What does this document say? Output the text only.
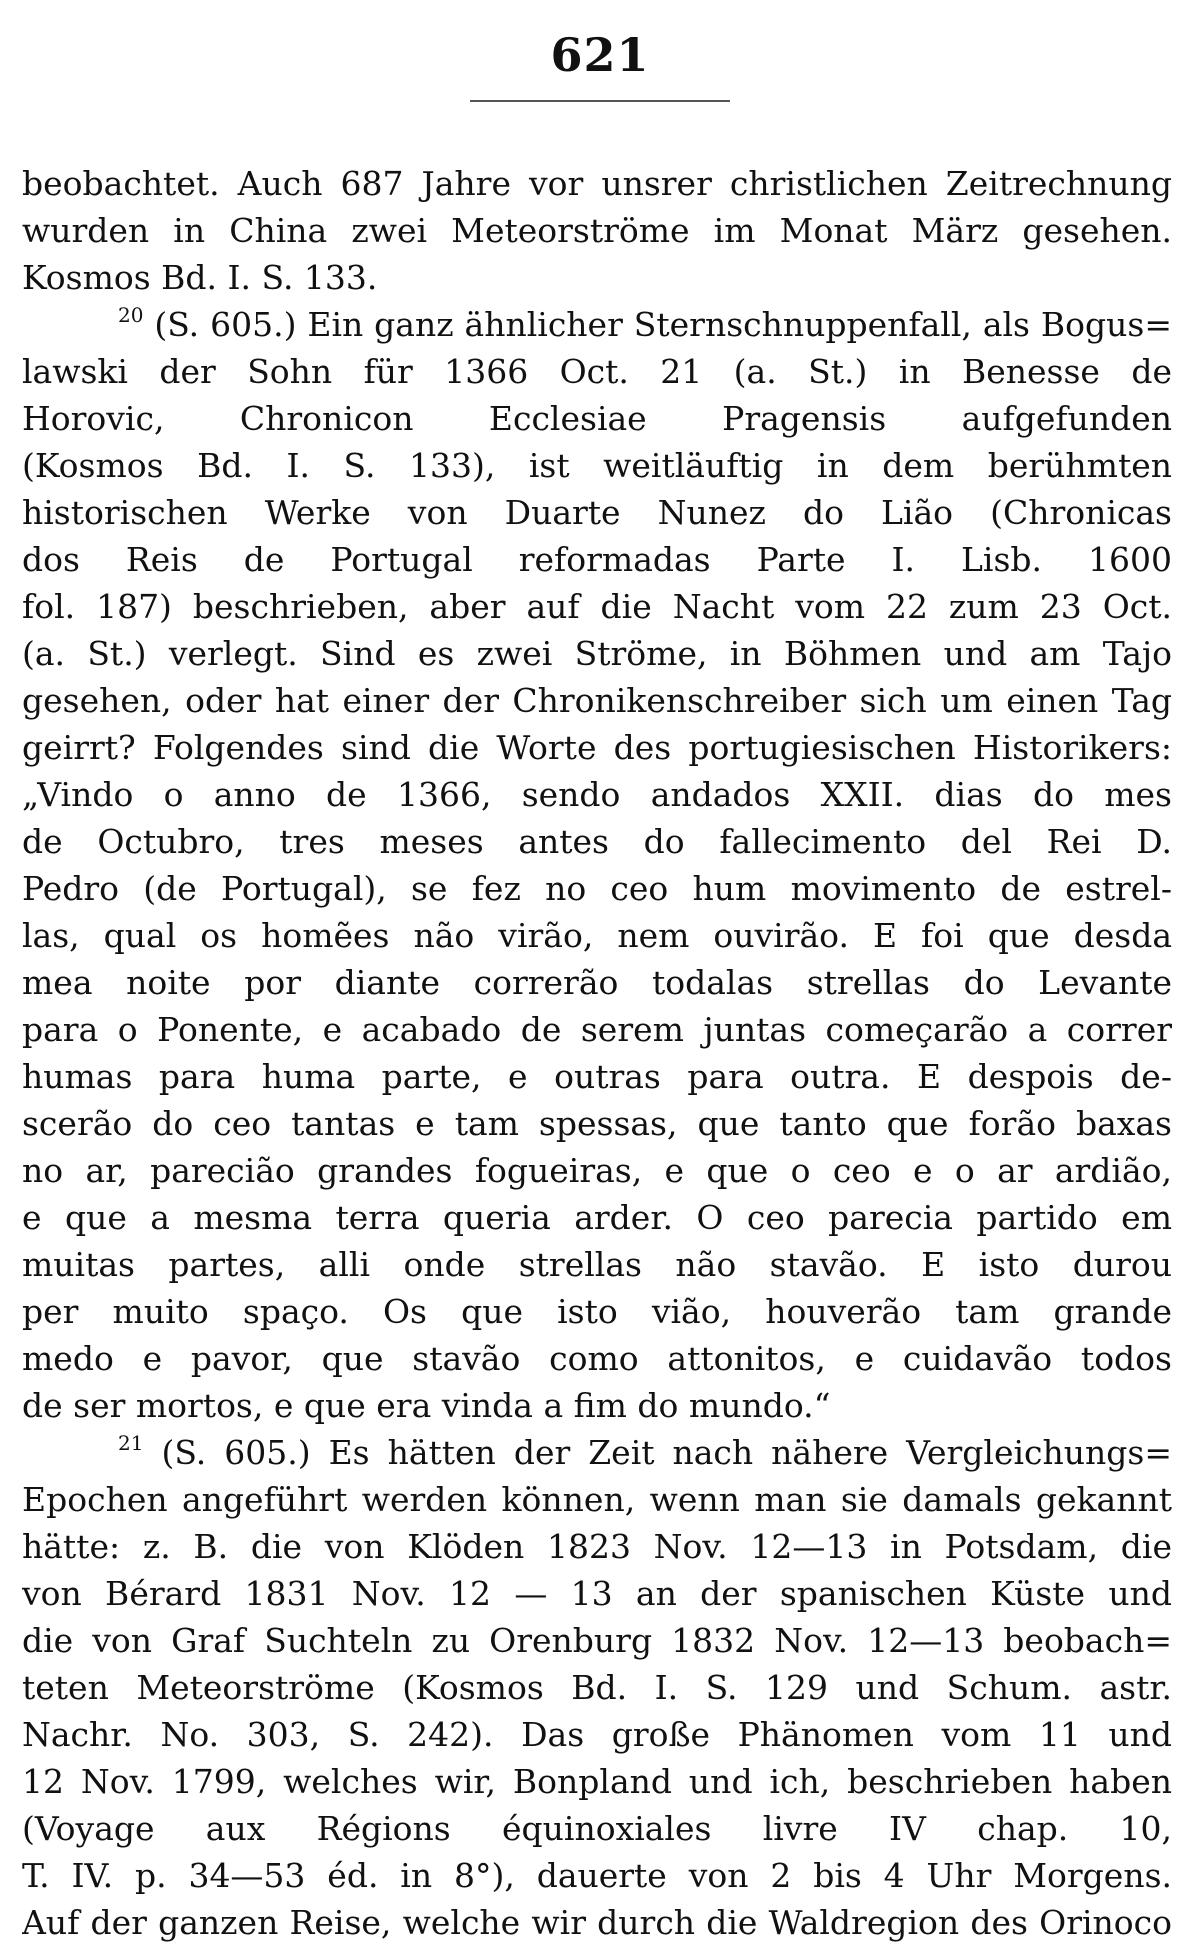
621
beobachtet. Auch 687 Jahre vor unsrer christlichen Zeitrechnung
wurden in China zwei Meteorströme im Monat März gesehen.
Kosmos Bd. I. S. 133.
$^{20}$ (S. 605.) Ein ganz ähnlicher Sternschnuppenfall, als Bogus=
lawski der Sohn für 1366 Oct. 21 (a. St.) in Benesse de
Horovic, Chronicon Ecclesiae Pragensis aufgefunden
(Kosmos Bd. I. S. 133), ist weitläuftig in dem berühmten
historischen Werke von Duarte Nunez do Lião (Chronicas
dos Reis de Portugal reformadas Parte I. Lisb. 1600
fol. 187) beschrieben, aber auf die Nacht vom 22 zum 23 Oct.
(a. St.) verlegt. Sind es zwei Ströme, in Böhmen und am Tajo
gesehen, oder hat einer der Chronikenschreiber sich um einen Tag
geirrt? Folgendes sind die Worte des portugiesischen Historikers:
„Vindo o anno de 1366, sendo andados XXII. dias do mes
de Octubro, tres meses antes do fallecimento del Rei D.
Pedro (de Portugal), se fez no ceo hum movimento de estrel-
las, qual os homẽes não virão, nem ouvirão. E foi que desda
mea noite por diante correrão todalas strellas do Levante
para o Ponente, e acabado de serem juntas começarão a correr
humas para huma parte, e outras para outra. E despois de-
scerão do ceo tantas e tam spessas, que tanto que forão baxas
no ar, parecião grandes fogueiras, e que o ceo e o ar ardião,
e que a mesma terra queria arder. O ceo parecia partido em
muitas partes, alli onde strellas não stavão. E isto durou
per muito spaço. Os que isto vião, houverão tam grande
medo e pavor, que stavão como attonitos, e cuidavão todos
de ser mortos, e que era vinda a fim do mundo.“
$^{21}$ (S. 605.) Es hätten der Zeit nach nähere Vergleichungs=
Epochen angeführt werden können, wenn man sie damals gekannt
hätte: z. B. die von Klöden 1823 Nov. 12—13 in Potsdam, die
von Bérard 1831 Nov. 12 — 13 an der spanischen Küste und
die von Graf Suchteln zu Orenburg 1832 Nov. 12—13 beobach=
teten Meteorströme (Kosmos Bd. I. S. 129 und Schum. astr.
Nachr. No. 303, S. 242). Das große Phänomen vom 11 und
12 Nov. 1799, welches wir, Bonpland und ich, beschrieben haben
(Voyage aux Régions équinoxiales livre IV chap. 10,
T. IV. p. 34—53 éd. in 8°), dauerte von 2 bis 4 Uhr Morgens.
Auf der ganzen Reise, welche wir durch die Waldregion des Orinoco
